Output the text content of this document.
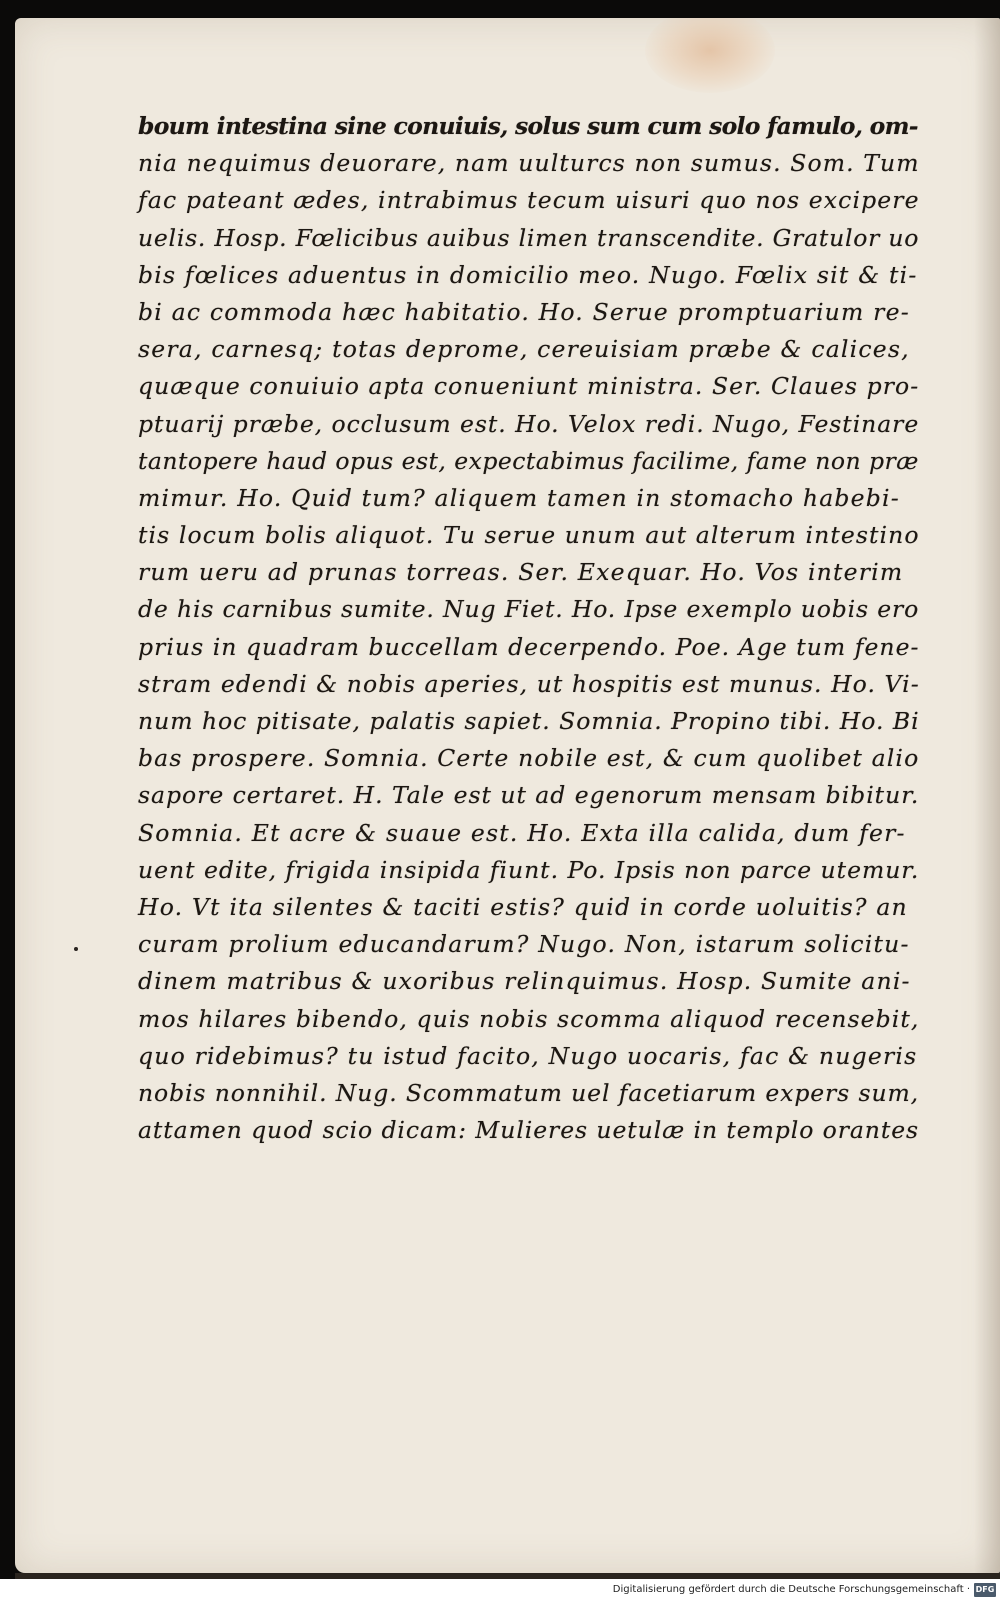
boum intestina sine conuiuis, solus sum cum solo famulo, om-
nia nequimus deuorare, nam uulturcs non sumus. Som. Tum
fac pateant ædes, intrabimus tecum uisuri quo nos excipere
uelis. Hosp. Fœlicibus auibus limen transcendite. Gratulor uo
bis fœlices aduentus in domicilio meo. Nugo. Fœlix sit & ti-
bi ac commoda hæc habitatio. Ho. Serue promptuarium re-
sera, carnesq; totas deprome, cereuisiam præbe & calices,
quæque conuiuio apta conueniunt ministra. Ser. Claues pro-
ptuarij præbe, occlusum est. Ho. Velox redi. Nugo, Festinare
tantopere haud opus est, expectabimus facilime, fame non præ
mimur. Ho. Quid tum? aliquem tamen in stomacho habebi-
tis locum bolis aliquot. Tu serue unum aut alterum intestino
rum ueru ad prunas torreas. Ser. Exequar. Ho. Vos interim
de his carnibus sumite. Nug Fiet. Ho. Ipse exemplo uobis ero
prius in quadram buccellam decerpendo. Poe. Age tum fene-
stram edendi & nobis aperies, ut hospitis est munus. Ho. Vi-
num hoc pitisate, palatis sapiet. Somnia. Propino tibi. Ho. Bi
bas prospere. Somnia. Certe nobile est, & cum quolibet alio
sapore certaret. H. Tale est ut ad egenorum mensam bibitur.
Somnia. Et acre & suaue est. Ho. Exta illa calida, dum fer-
uent edite, frigida insipida fiunt. Po. Ipsis non parce utemur.
Ho. Vt ita silentes & taciti estis? quid in corde uoluitis? an
curam prolium educandarum? Nugo. Non, istarum solicitu-
dinem matribus & uxoribus relinquimus. Hosp. Sumite ani-
mos hilares bibendo, quis nobis scomma aliquod recensebit,
quo ridebimus? tu istud facito, Nugo uocaris, fac & nugeris
nobis nonnihil. Nug. Scommatum uel facetiarum expers sum,
attamen quod scio dicam: Mulieres uetulæ in templo orantes
Digitalisierung gefördert durch die Deutsche Forschungsgemeinschaft · DFG
